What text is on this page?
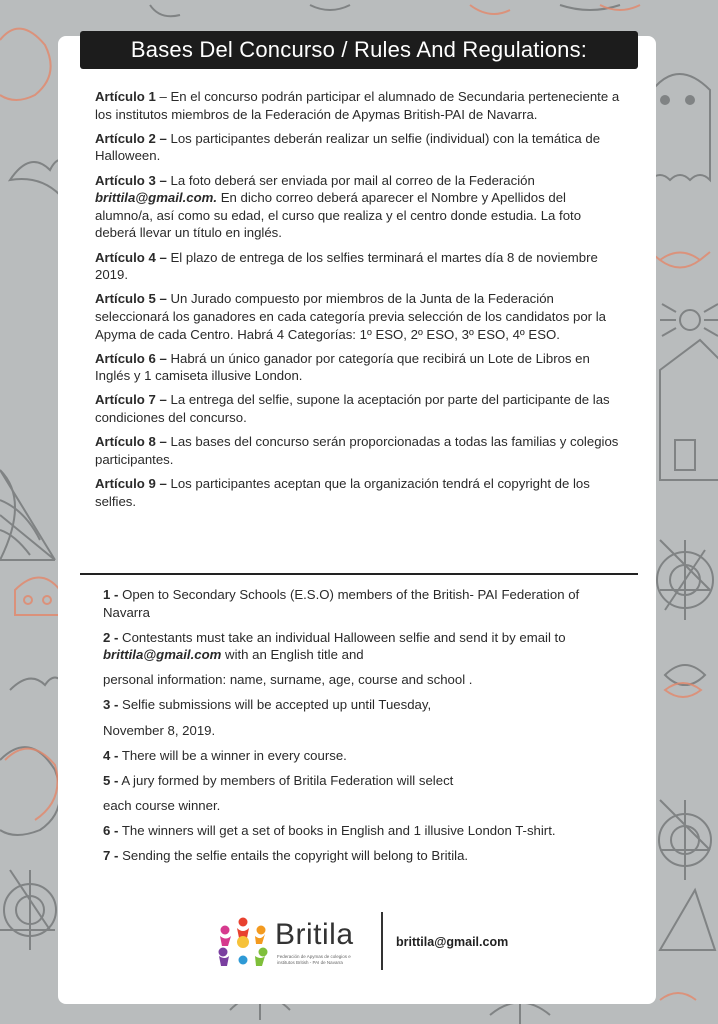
Bases Del Concurso / Rules And Regulations:

Artículo 1 – En el concurso podrán participar el alumnado de Secundaria perteneciente a los institutos miembros de la Federación de Apymas British-PAI de Navarra.

Artículo 2 – Los participantes deberán realizar un selfie (individual) con la temática de Halloween.

Artículo 3 – La foto deberá ser enviada por mail al correo de la Federación brittila@gmail.com. En dicho correo deberá aparecer el Nombre y Apellidos del alumno/a, así como su edad, el curso que realiza y el centro donde estudia. La foto deberá llevar un título en inglés.

Artículo 4 – El plazo de entrega de los selfies terminará el martes día 8 de noviembre 2019.

Artículo 5 – Un Jurado compuesto por miembros de la Junta de la Federación seleccionará los ganadores en cada categoría previa selección de los candidatos por la Apyma de cada Centro. Habrá 4 Categorías: 1º ESO, 2º ESO, 3º ESO, 4º ESO.

Artículo 6 – Habrá un único ganador por categoría que recibirá un Lote de Libros en Inglés y 1 camiseta illusive London.

Artículo 7 – La entrega del selfie, supone la aceptación por parte del participante de las condiciones del concurso.

Artículo 8 – Las bases del concurso serán proporcionadas a todas las familias y colegios participantes.

Artículo 9 – Los participantes aceptan que la organización tendrá el copyright de los selfies.

1 - Open to Secondary Schools (E.S.O) members of the British- PAI Federation of Navarra

2 - Contestants must take an individual Halloween selfie and send it by email to brittila@gmail.com with an English title and

personal information: name, surname, age, course and school .

3 - Selfie submissions will be accepted up until Tuesday,

November 8, 2019.

4 - There will be a winner in every course.

5 - A jury formed by members of Britila Federation will select

each course winner.

6 - The winners will get a set of books in English and 1 illusive London T-shirt.

7 - Sending the selfie entails the copyright will belong to Britila.

Britila
Federación de Apymas de colegios e institutos British - PAI de Navarra
brittila@gmail.com
